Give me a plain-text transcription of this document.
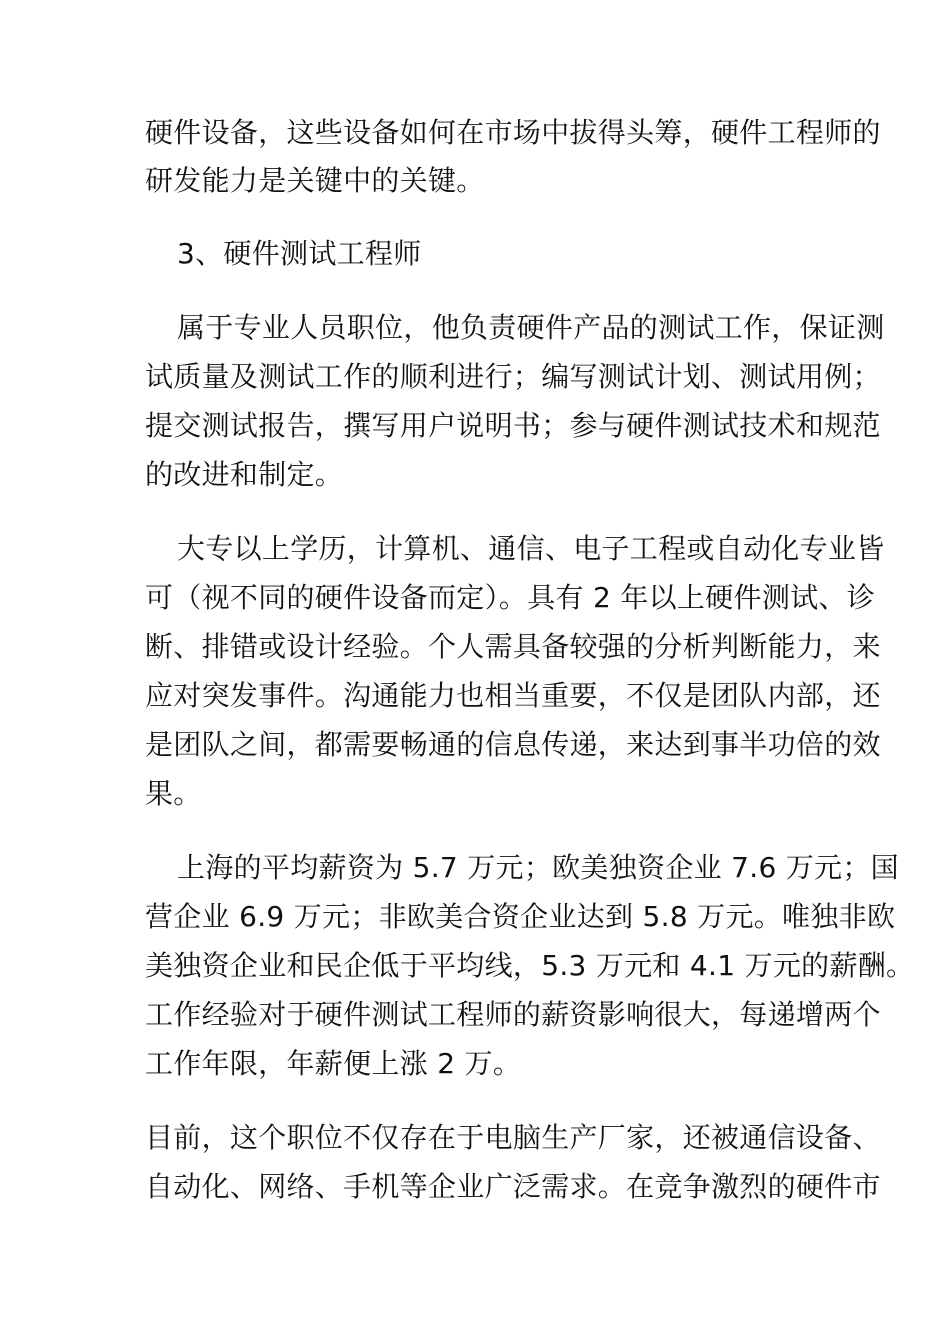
硬件设备，这些设备如何在市场中拔得头筹，硬件工程师的
研发能力是关键中的关键。
3、硬件测试工程师
属于专业人员职位，他负责硬件产品的测试工作，保证测
试质量及测试工作的顺利进行；编写测试计划、测试用例；
提交测试报告，撰写用户说明书；参与硬件测试技术和规范
的改进和制定。
大专以上学历，计算机、通信、电子工程或自动化专业皆
可（视不同的硬件设备而定）。具有 2 年以上硬件测试、诊
断、排错或设计经验。个人需具备较强的分析判断能力，来
应对突发事件。沟通能力也相当重要，不仅是团队内部，还
是团队之间，都需要畅通的信息传递，来达到事半功倍的效
果。
上海的平均薪资为 5.7 万元；欧美独资企业 7.6 万元；国
营企业 6.9 万元；非欧美合资企业达到 5.8 万元。唯独非欧
美独资企业和民企低于平均线，5.3 万元和 4.1 万元的薪酬。
工作经验对于硬件测试工程师的薪资影响很大，每递增两个
工作年限，年薪便上涨 2 万。
目前，这个职位不仅存在于电脑生产厂家，还被通信设备、
自动化、网络、手机等企业广泛需求。在竞争激烈的硬件市
